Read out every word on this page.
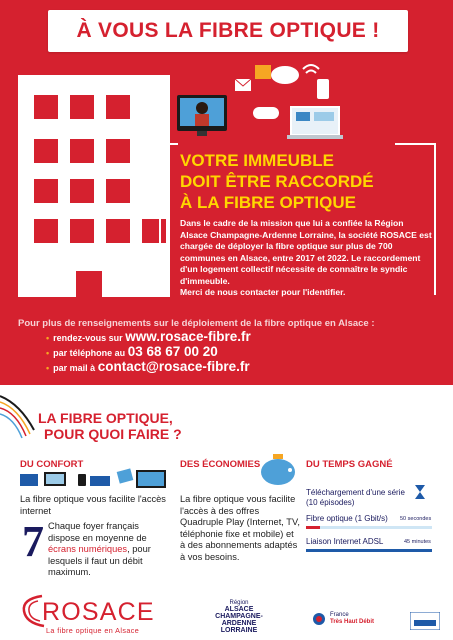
À VOUS LA FIBRE OPTIQUE !
VOTRE IMMEUBLE
DOIT ÊTRE RACCORDÉ
À LA FIBRE OPTIQUE

Dans le cadre de la mission que lui a confiée la Région Alsace Champagne-Ardenne Lorraine, la société ROSACE est chargée de déployer la fibre optique sur plus de 700 communes en Alsace, entre 2017 et 2022. Le raccordement d'un logement collectif nécessite de connaître le syndic d'immeuble.

Merci de nous contacter pour l'identifier.

Pour plus de renseignements sur le déploiement de la fibre optique en Alsace :
• rendez-vous sur www.rosace-fibre.fr
• par téléphone au 03 68 67 00 20
• par mail à contact@rosace-fibre.fr
LA FIBRE OPTIQUE,
POUR QUOI FAIRE ?
DU CONFORT
La fibre optique vous facilite l'accès internet
7 Chaque foyer français dispose en moyenne de écrans numériques, pour lesquels il faut un débit maximum.
DES ÉCONOMIES
La fibre optique vous facilite l'accès à des offres Quadruple Play (Internet, TV, téléphonie fixe et mobile) et à des abonnements adaptés à vos besoins.
DU TEMPS GAGNÉ
Téléchargement d'une série
(10 épisodes)
Fibre optique (1 Gbit/s) 50 secondes
Liaison Internet ADSL	45 minutes
ROSACE
La fibre optique en Alsace
Région
ALSACE
CHAMPAGNE-ARDENNE
LORRAINE
France
Très Haut Débit
